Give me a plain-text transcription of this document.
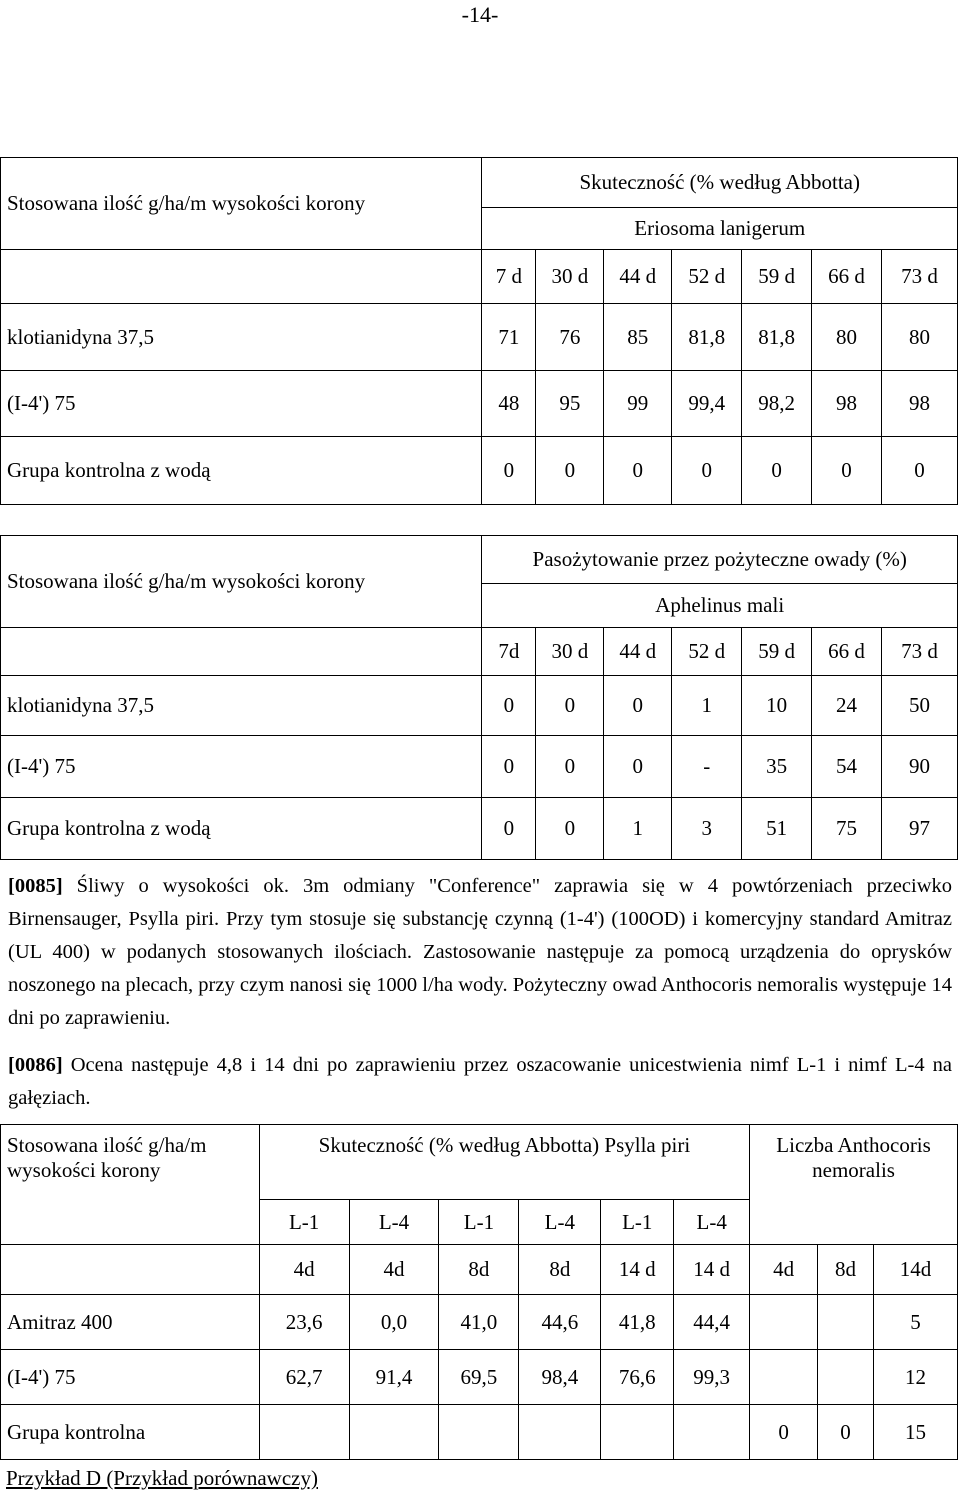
-14-
Stosowana ilość g/ha/m wysokości korony	Skuteczność (% według Abbotta)						
	Eriosoma lanigerum						
	7 d	30 d	44 d	52 d	59 d	66 d	73 d
klotianidyna 37,5	71	76	85	81,8	81,8	80	80
(I-4') 75	48	95	99	99,4	98,2	98	98
Grupa kontrolna z wodą	0	0	0	0	0	0	0
Stosowana ilość g/ha/m wysokości korony	Pasożytowanie przez pożyteczne owady (%)						
	Aphelinus mali						
	7d	30 d	44 d	52 d	59 d	66 d	73 d
klotianidyna 37,5	0	0	0	1	10	24	50
(I-4') 75	0	0	0	-	35	54	90
Grupa kontrolna z wodą	0	0	1	3	51	75	97
[0085] Śliwy o wysokości ok. 3m odmiany "Conference" zaprawia się w 4 powtórzeniach przeciwko Birnensauger, Psylla piri. Przy tym stosuje się substancję czynną (1-4') (100OD) i komercyjny standard Amitraz (UL 400) w podanych stosowanych ilościach. Zastosowanie następuje za pomocą urządzenia do oprysków noszonego na plecach, przy czym nanosi się 1000 l/ha wody. Pożyteczny owad Anthocoris nemoralis występuje 14 dni po zaprawieniu.
[0086] Ocena następuje 4,8 i 14 dni po zaprawieniu przez oszacowanie unicestwienia nimf L-1 i nimf L-4 na gałęziach.
Stosowana ilość g/ha/m wysokości korony	Skuteczność (% według Abbotta) Psylla piri						Liczba Anthocoris nemoralis		
	L-1	L-4	L-1	L-4	L-1	L-4			
	4d	4d	8d	8d	14 d	14 d	4d	8d	14d
Amitraz 400	23,6	0,0	41,0	44,6	41,8	44,4			5
(I-4') 75	62,7	91,4	69,5	98,4	76,6	99,3			12
Grupa kontrolna							0	0	15
Przykład D (Przykład porównawczy)
